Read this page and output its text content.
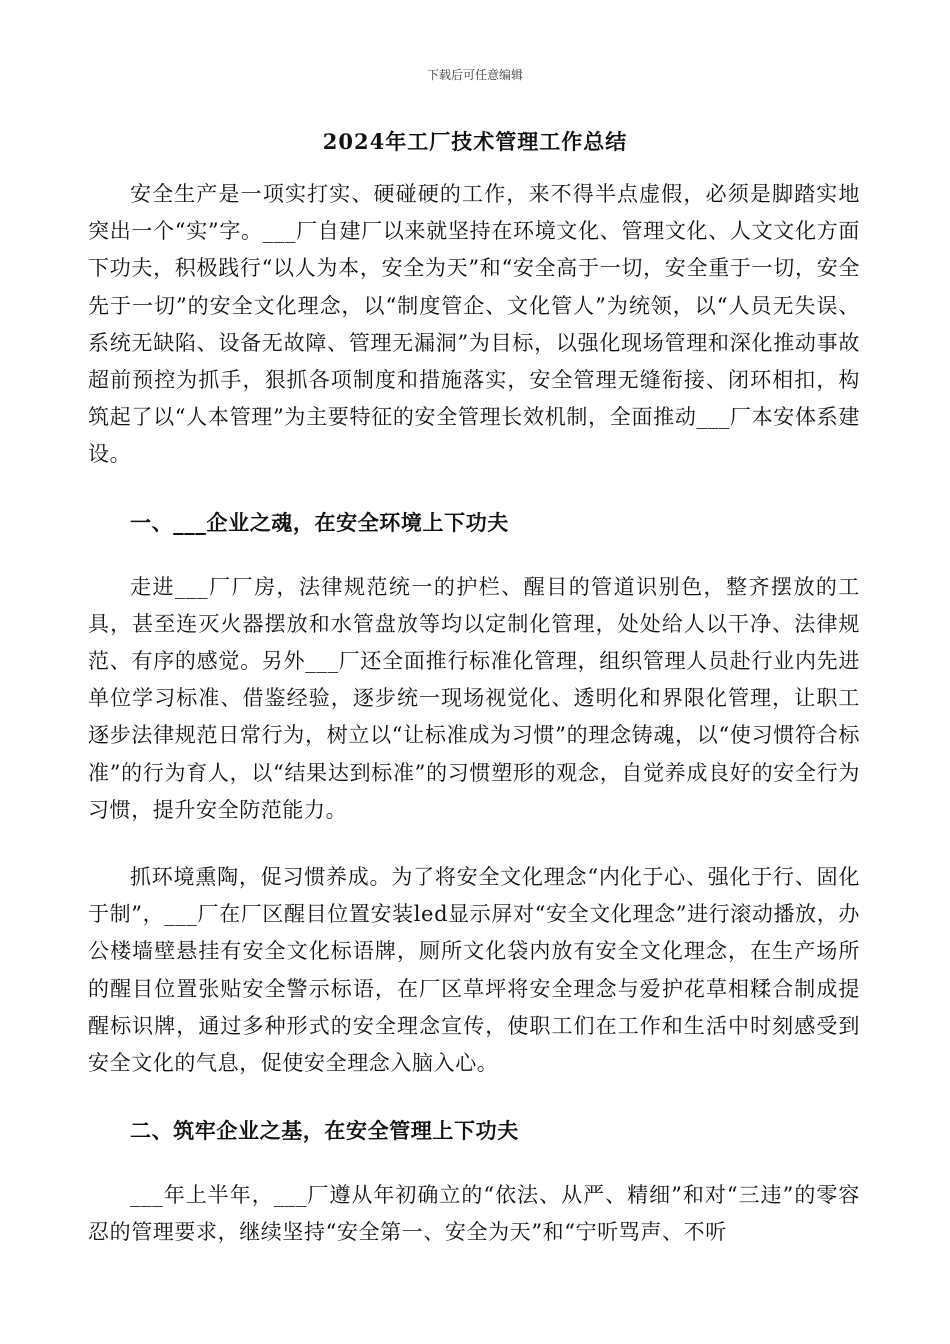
下载后可任意编辑
2024年工厂技术管理工作总结

安全生产是一项实打实、硬碰硬的工作，来不得半点虚假，必须是脚踏实地突出一个“实”字。___厂自建厂以来就坚持在环境文化、管理文化、人文文化方面下功夫，积极践行“以人为本，安全为天”和“安全高于一切，安全重于一切，安全先于一切”的安全文化理念，以“制度管企、文化管人”为统领，以“人员无失误、系统无缺陷、设备无故障、管理无漏洞”为目标，以强化现场管理和深化推动事故超前预控为抓手，狠抓各项制度和措施落实，安全管理无缝衔接、闭环相扣，构筑起了以“人本管理”为主要特征的安全管理长效机制，全面推动___厂本安体系建设。

一、___企业之魂，在安全环境上下功夫

走进___厂厂房，法律规范统一的护栏、醒目的管道识别色，整齐摆放的工具，甚至连灭火器摆放和水管盘放等均以定制化管理，处处给人以干净、法律规范、有序的感觉。另外___厂还全面推行标准化管理，组织管理人员赴行业内先进单位学习标准、借鉴经验，逐步统一现场视觉化、透明化和界限化管理，让职工逐步法律规范日常行为，树立以“让标准成为习惯”的理念铸魂，以“使习惯符合标准”的行为育人，以“结果达到标准”的习惯塑形的观念，自觉养成良好的安全行为习惯，提升安全防范能力。

抓环境熏陶，促习惯养成。为了将安全文化理念“内化于心、强化于行、固化于制”，___厂在厂区醒目位置安装led显示屏对“安全文化理念”进行滚动播放，办公楼墙壁悬挂有安全文化标语牌，厕所文化袋内放有安全文化理念，在生产场所的醒目位置张贴安全警示标语，在厂区草坪将安全理念与爱护花草相糅合制成提醒标识牌，通过多种形式的安全理念宣传，使职工们在工作和生活中时刻感受到安全文化的气息，促使安全理念入脑入心。

二、筑牢企业之基，在安全管理上下功夫

___年上半年，___厂遵从年初确立的“依法、从严、精细”和对“三违”的零容忍的管理要求，继续坚持“安全第一、安全为天”和“宁听骂声、不听
